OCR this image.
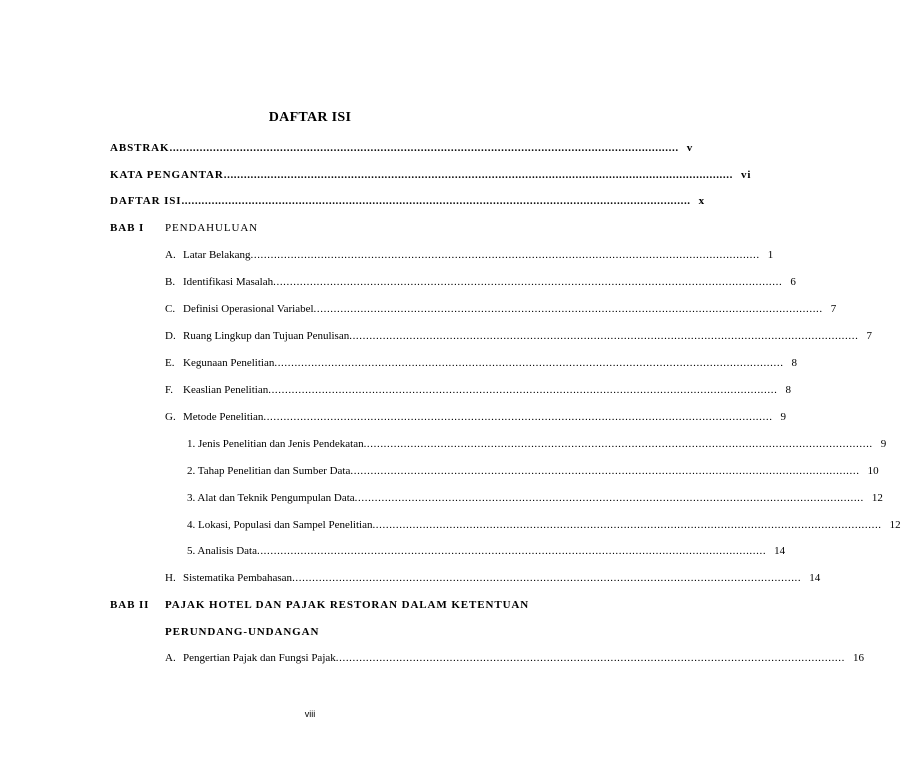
DAFTAR ISI
ABSTRAK ........................................................................................................................................................ v
KATA PENGANTAR ........................................................................................................................................................ vi
DAFTAR ISI ........................................................................................................................................................ x
BAB I PENDAHULUAN
A. Latar Belakang ........................................................................................................................................................ 1
B. Identifikasi Masalah ........................................................................................................................................................ 6
C. Definisi Operasional Variabel ........................................................................................................................................................ 7
D. Ruang Lingkup dan Tujuan Penulisan ........................................................................................................................................................ 7
E. Kegunaan Penelitian ........................................................................................................................................................ 8
F. Keaslian Penelitian ........................................................................................................................................................ 8
G. Metode Penelitian ........................................................................................................................................................ 9
1. Jenis Penelitian dan Jenis Pendekatan ........................................................................................................................................................ 9
2. Tahap Penelitian dan Sumber Data ........................................................................................................................................................ 10
3. Alat dan Teknik Pengumpulan Data ........................................................................................................................................................ 12
4. Lokasi, Populasi dan Sampel Penelitian ........................................................................................................................................................ 12
5. Analisis Data ........................................................................................................................................................ 14
H. Sistematika Pembahasan ........................................................................................................................................................ 14
BAB II PAJAK HOTEL DAN PAJAK RESTORAN DALAM KETENTUAN
PERUNDANG-UNDANGAN
A. Pengertian Pajak dan Fungsi Pajak ........................................................................................................................................................ 16
viii
